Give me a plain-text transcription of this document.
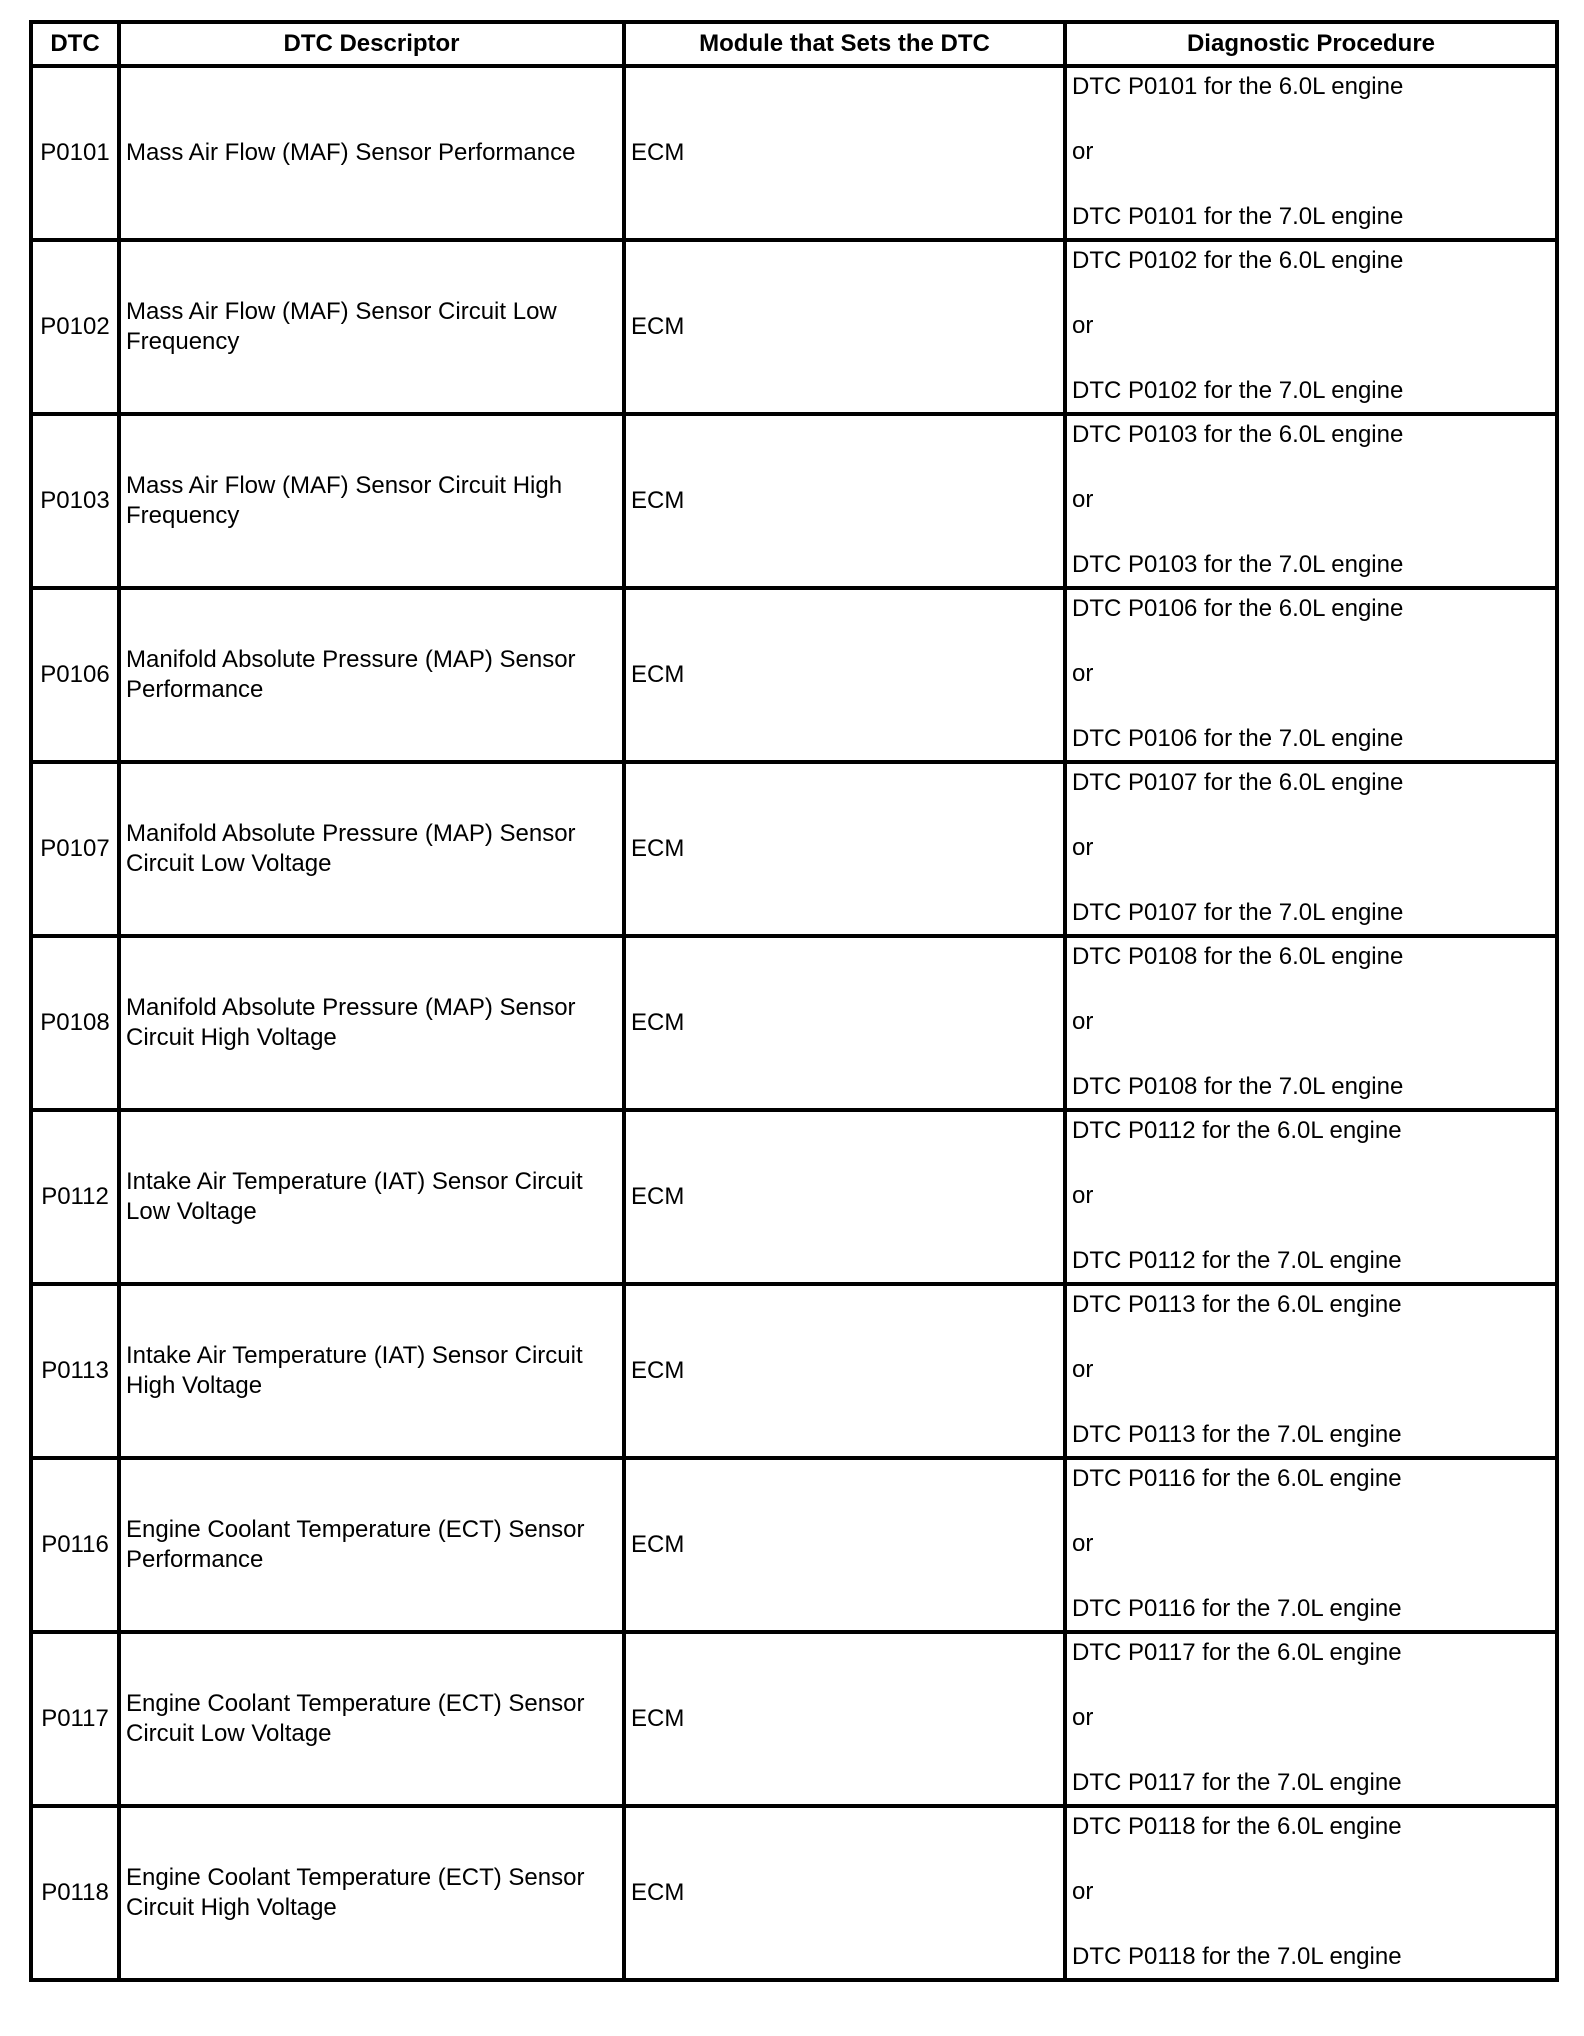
DTC	DTC Descriptor	Module that Sets the DTC	Diagnostic Procedure
P0101	Mass Air Flow (MAF) Sensor Performance	ECM	DTC P0101 for the 6.0L engine
or
DTC P0101 for the 7.0L engine

P0102	Mass Air Flow (MAF) Sensor Circuit Low Frequency	ECM	DTC P0102 for the 6.0L engine
or
DTC P0102 for the 7.0L engine

P0103	Mass Air Flow (MAF) Sensor Circuit High Frequency	ECM	DTC P0103 for the 6.0L engine
or
DTC P0103 for the 7.0L engine

P0106	Manifold Absolute Pressure (MAP) Sensor Performance	ECM	DTC P0106 for the 6.0L engine
or
DTC P0106 for the 7.0L engine

P0107	Manifold Absolute Pressure (MAP) Sensor Circuit Low Voltage	ECM	DTC P0107 for the 6.0L engine
or
DTC P0107 for the 7.0L engine

P0108	Manifold Absolute Pressure (MAP) Sensor Circuit High Voltage	ECM	DTC P0108 for the 6.0L engine
or
DTC P0108 for the 7.0L engine

P0112	Intake Air Temperature (IAT) Sensor Circuit Low Voltage	ECM	DTC P0112 for the 6.0L engine
or
DTC P0112 for the 7.0L engine

P0113	Intake Air Temperature (IAT) Sensor Circuit High Voltage	ECM	DTC P0113 for the 6.0L engine
or
DTC P0113 for the 7.0L engine

P0116	Engine Coolant Temperature (ECT) Sensor Performance	ECM	DTC P0116 for the 6.0L engine
or
DTC P0116 for the 7.0L engine

P0117	Engine Coolant Temperature (ECT) Sensor Circuit Low Voltage	ECM	DTC P0117 for the 6.0L engine
or
DTC P0117 for the 7.0L engine

P0118	Engine Coolant Temperature (ECT) Sensor Circuit High Voltage	ECM	DTC P0118 for the 6.0L engine
or
DTC P0118 for the 7.0L engine
